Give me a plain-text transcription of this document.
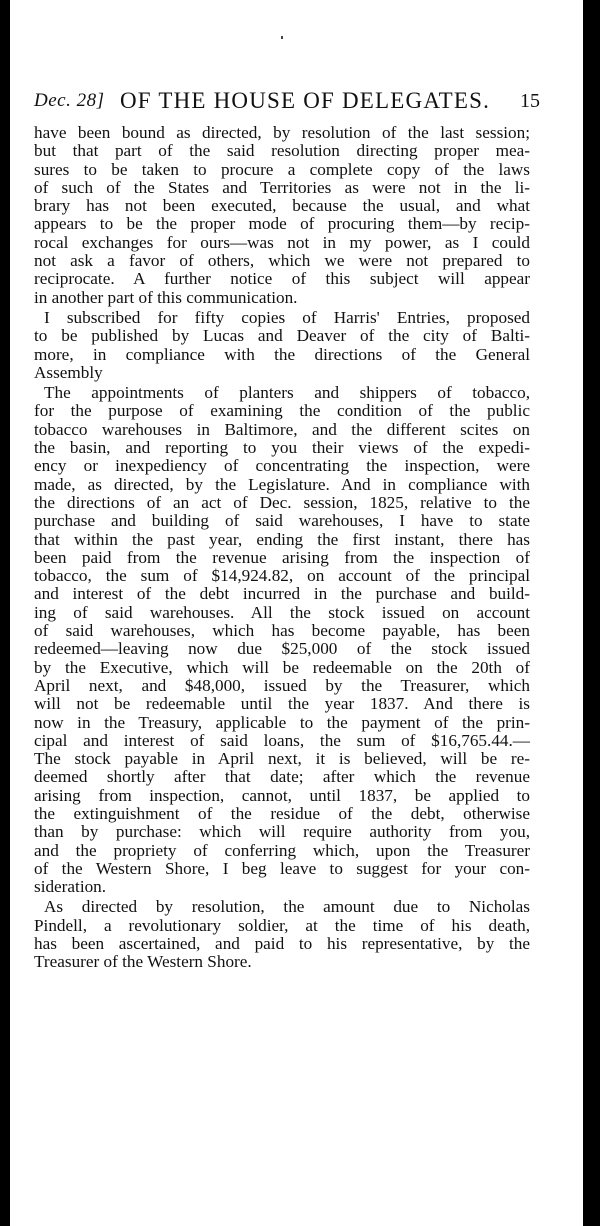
Dec. 28] OF THE HOUSE OF DELEGATES. 15
have been bound as directed, by resolution of the last session;
but that part of the said resolution directing proper mea-
sures to be taken to procure a complete copy of the laws
of such of the States and Territories as were not in the li-
brary has not been executed, because the usual, and what
appears to be the proper mode of procuring them—by recip-
rocal exchanges for ours—was not in my power, as I could
not ask a favor of others, which we were not prepared to
reciprocate. A further notice of this subject will appear
in another part of this communication.
I subscribed for fifty copies of Harris' Entries, proposed
to be published by Lucas and Deaver of the city of Balti-
more, in compliance with the directions of the General
Assembly
The appointments of planters and shippers of tobacco,
for the purpose of examining the condition of the public
tobacco warehouses in Baltimore, and the different scites on
the basin, and reporting to you their views of the expedi-
ency or inexpediency of concentrating the inspection, were
made, as directed, by the Legislature. And in compliance with
the directions of an act of Dec. session, 1825, relative to the
purchase and building of said warehouses, I have to state
that within the past year, ending the first instant, there has
been paid from the revenue arising from the inspection of
tobacco, the sum of $14,924.82, on account of the principal
and interest of the debt incurred in the purchase and build-
ing of said warehouses. All the stock issued on account
of said warehouses, which has become payable, has been
redeemed—leaving now due $25,000 of the stock issued
by the Executive, which will be redeemable on the 20th of
April next, and $48,000, issued by the Treasurer, which
will not be redeemable until the year 1837. And there is
now in the Treasury, applicable to the payment of the prin-
cipal and interest of said loans, the sum of $16,765.44.—
The stock payable in April next, it is believed, will be re-
deemed shortly after that date; after which the revenue
arising from inspection, cannot, until 1837, be applied to
the extinguishment of the residue of the debt, otherwise
than by purchase: which will require authority from you,
and the propriety of conferring which, upon the Treasurer
of the Western Shore, I beg leave to suggest for your con-
sideration.
As directed by resolution, the amount due to Nicholas
Pindell, a revolutionary soldier, at the time of his death,
has been ascertained, and paid to his representative, by the
Treasurer of the Western Shore.
